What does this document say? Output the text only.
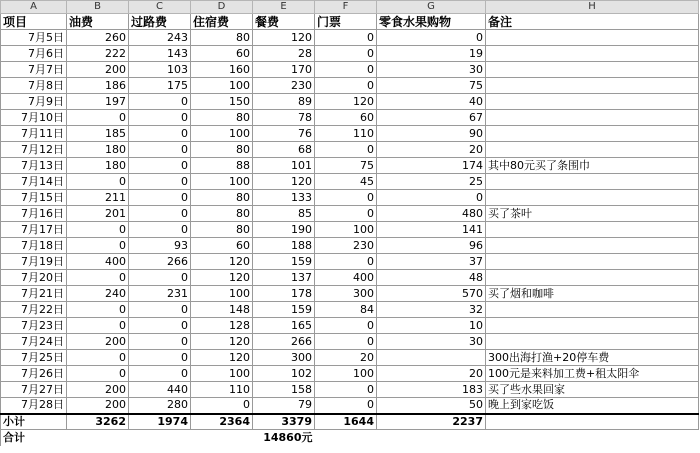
A	B	C	D	E	F	G	H
项目	油费	过路费	住宿费	餐费	门票	零食水果购物	备注
7月5日	260	243	80	120	0	0	
7月6日	222	143	60	28	0	19	
7月7日	200	103	160	170	0	30	
7月8日	186	175	100	230	0	75	
7月9日	197	0	150	89	120	40	
7月10日	0	0	80	78	60	67	
7月11日	185	0	100	76	110	90	
7月12日	180	0	80	68	0	20	
7月13日	180	0	88	101	75	174	其中80元买了条围巾
7月14日	0	0	100	120	45	25	
7月15日	211	0	80	133	0	0	
7月16日	201	0	80	85	0	480	买了茶叶
7月17日	0	0	80	190	100	141	
7月18日	0	93	60	188	230	96	
7月19日	400	266	120	159	0	37	
7月20日	0	0	120	137	400	48	
7月21日	240	231	100	178	300	570	买了烟和咖啡
7月22日	0	0	148	159	84	32	
7月23日	0	0	128	165	0	10	
7月24日	200	0	120	266	0	30	
7月25日	0	0	120	300	20		300出海打渔+20停车费
7月26日	0	0	100	102	100	20	100元是来料加工费+租太阳伞
7月27日	200	440	110	158	0	183	买了些水果回家
7月28日	200	280	0	79	0	50	晚上到家吃饭
小计	3262	1974	2364	3379	1644	2237	
合计				14860元			
